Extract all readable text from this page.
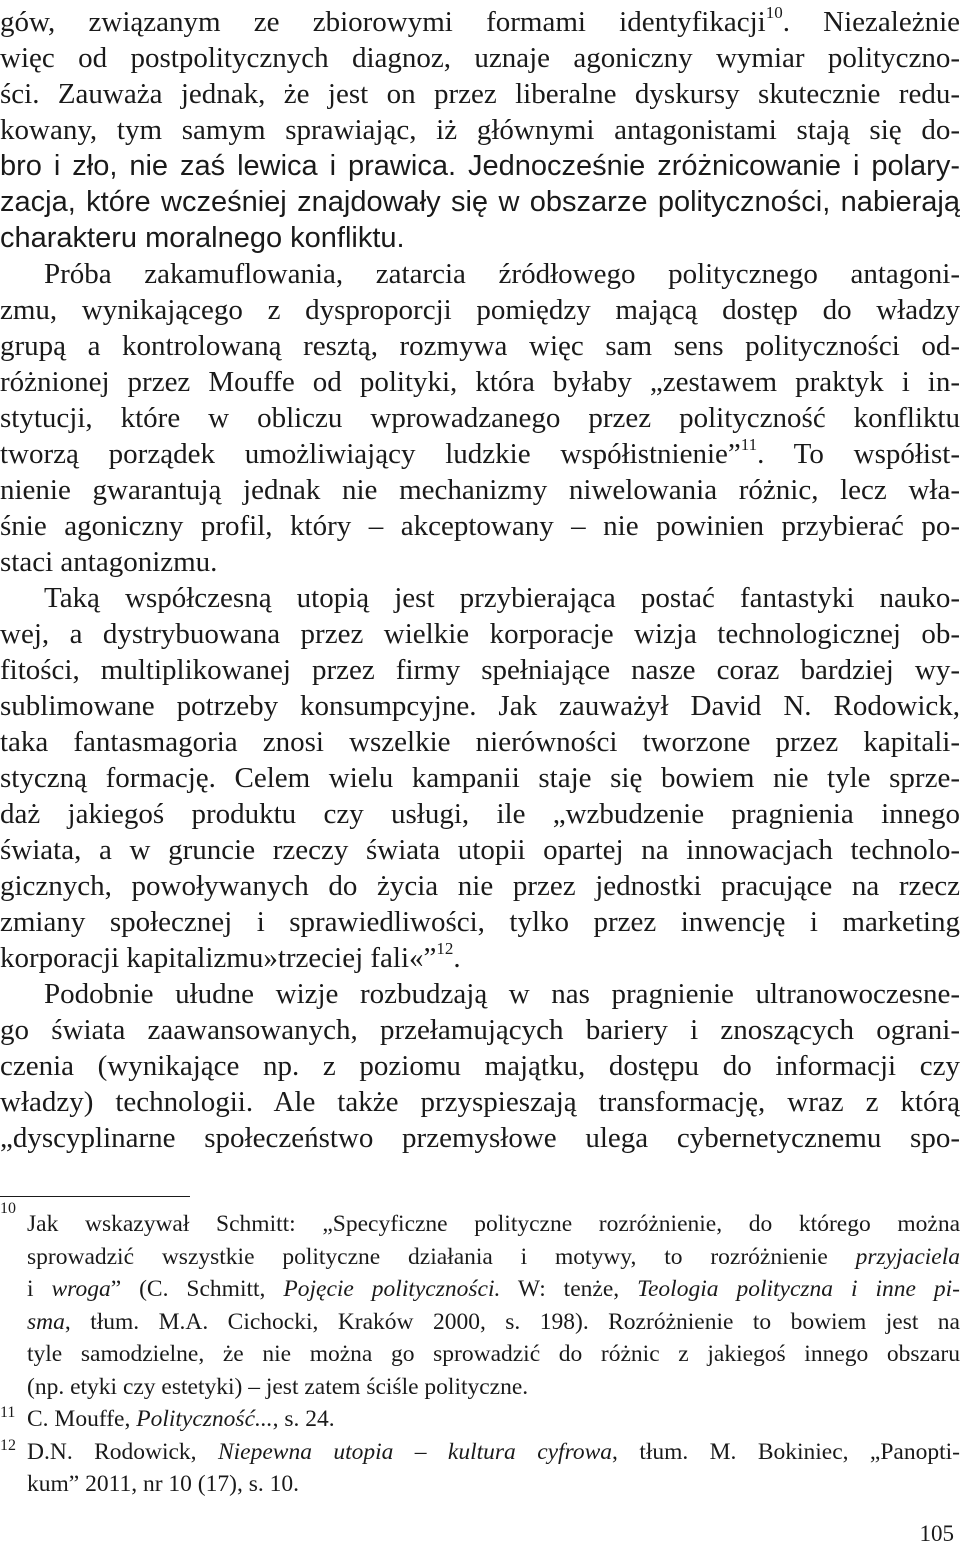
gów, związanym ze zbiorowymi formami identyfikacji$^{10}$. Niezależnie
więc od postpolitycznych diagnoz, uznaje agoniczny wymiar polityczno-
ści. Zauważa jednak, że jest on przez liberalne dyskursy skutecznie redu-
kowany, tym samym sprawiając, iż głównymi antagonistami stają się do-
bro i zło, nie zaś lewica i prawica. Jednocześnie zróżnicowanie i polary-
zacja, które wcześniej znajdowały się w obszarze polityczności, nabierają
charakteru moralnego konfliktu.
Próba zakamuflowania, zatarcia źródłowego politycznego antagoni-
zmu, wynikającego z dysproporcji pomiędzy mającą dostęp do władzy
grupą a kontrolowaną resztą, rozmywa więc sam sens polityczności od-
różnionej przez Mouffe od polityki, która byłaby „zestawem praktyk i in-
stytucji, które w obliczu wprowadzanego przez polityczność konfliktu
tworzą porządek umożliwiający ludzkie współistnienie”$^{11}$. To współist-
nienie gwarantują jednak nie mechanizmy niwelowania różnic, lecz wła-
śnie agoniczny profil, który – akceptowany – nie powinien przybierać po-
staci antagonizmu.
Taką współczesną utopią jest przybierająca postać fantastyki nauko-
wej, a dystrybuowana przez wielkie korporacje wizja technologicznej ob-
fitości, multiplikowanej przez firmy spełniające nasze coraz bardziej wy-
sublimowane potrzeby konsumpcyjne. Jak zauważył David N. Rodowick,
taka fantasmagoria znosi wszelkie nierówności tworzone przez kapitali-
styczną formację. Celem wielu kampanii staje się bowiem nie tyle sprze-
daż jakiegoś produktu czy usługi, ile „wzbudzenie pragnienia innego
świata, a w gruncie rzeczy świata utopii opartej na innowacjach technolo-
gicznych, powoływanych do życia nie przez jednostki pracujące na rzecz
zmiany społecznej i sprawiedliwości, tylko przez inwencję i marketing
korporacji kapitalizmu»trzeciej fali«”$^{12}$.
Podobnie ułudne wizje rozbudzają w nas pragnienie ultranowoczesne-
go świata zaawansowanych, przełamujących bariery i znoszących ograni-
czenia (wynikające np. z poziomu majątku, dostępu do informacji czy
władzy) technologii. Ale także przyspieszają transformację, wraz z którą
„dyscyplinarne społeczeństwo przemysłowe ulega cybernetycznemu spo-
10
Jak wskazywał Schmitt: „Specyficzne polityczne rozróżnienie, do którego można
sprowadzić wszystkie polityczne działania i motywy, to rozróżnienie przyjaciela
i wroga” (C. Schmitt, Pojęcie polityczności. W: tenże, Teologia polityczna i inne pi-
sma, tłum. M.A. Cichocki, Kraków 2000, s. 198). Rozróżnienie to bowiem jest na
tyle samodzielne, że nie można go sprowadzić do różnic z jakiegoś innego obszaru
(np. etyki czy estetyki) – jest zatem ściśle polityczne.
11 C. Mouffe, Polityczność..., s. 24.
12 D.N. Rodowick, Niepewna utopia – kultura cyfrowa, tłum. M. Bokiniec, „Panopti-
kum” 2011, nr 10 (17), s. 10.
105
